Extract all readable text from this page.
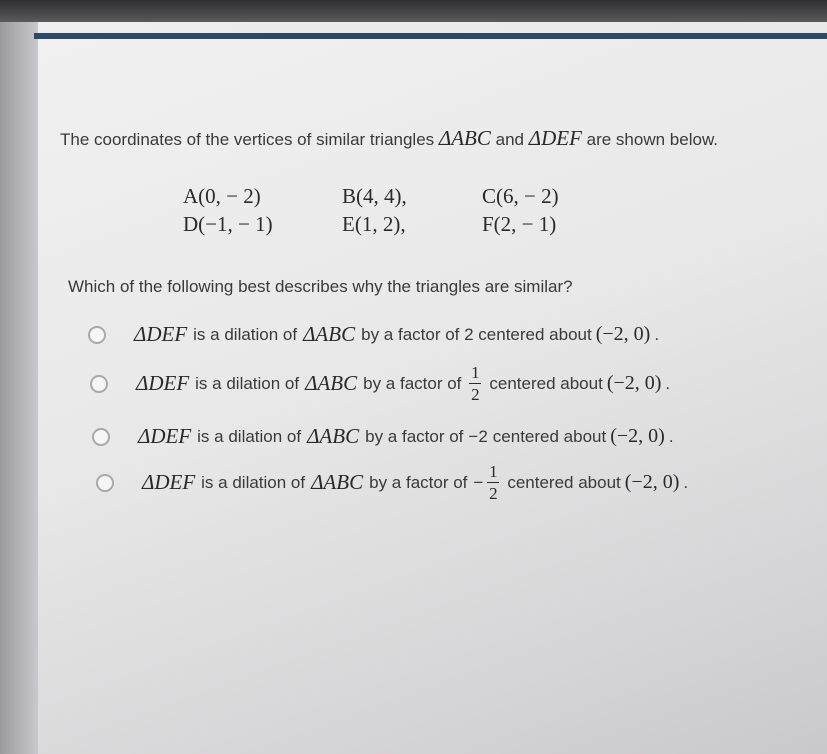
The coordinates of the vertices of similar triangles ΔABC and ΔDEF are shown below.
A(0, − 2)	B(4, 4),	C(6, − 2)
D(−1, − 1)	E(1, 2),	F(2, − 1)
Which of the following best describes why the triangles are similar?
ΔDEF is a dilation of ΔABC by a factor of 2 centered about (−2, 0) .
ΔDEF is a dilation of ΔABC by a factor of $\frac{1}{2}$ centered about (−2, 0) .
ΔDEF is a dilation of ΔABC by a factor of −2 centered about (−2, 0) .
ΔDEF is a dilation of ΔABC by a factor of − $\frac{1}{2}$ centered about (−2, 0) .
